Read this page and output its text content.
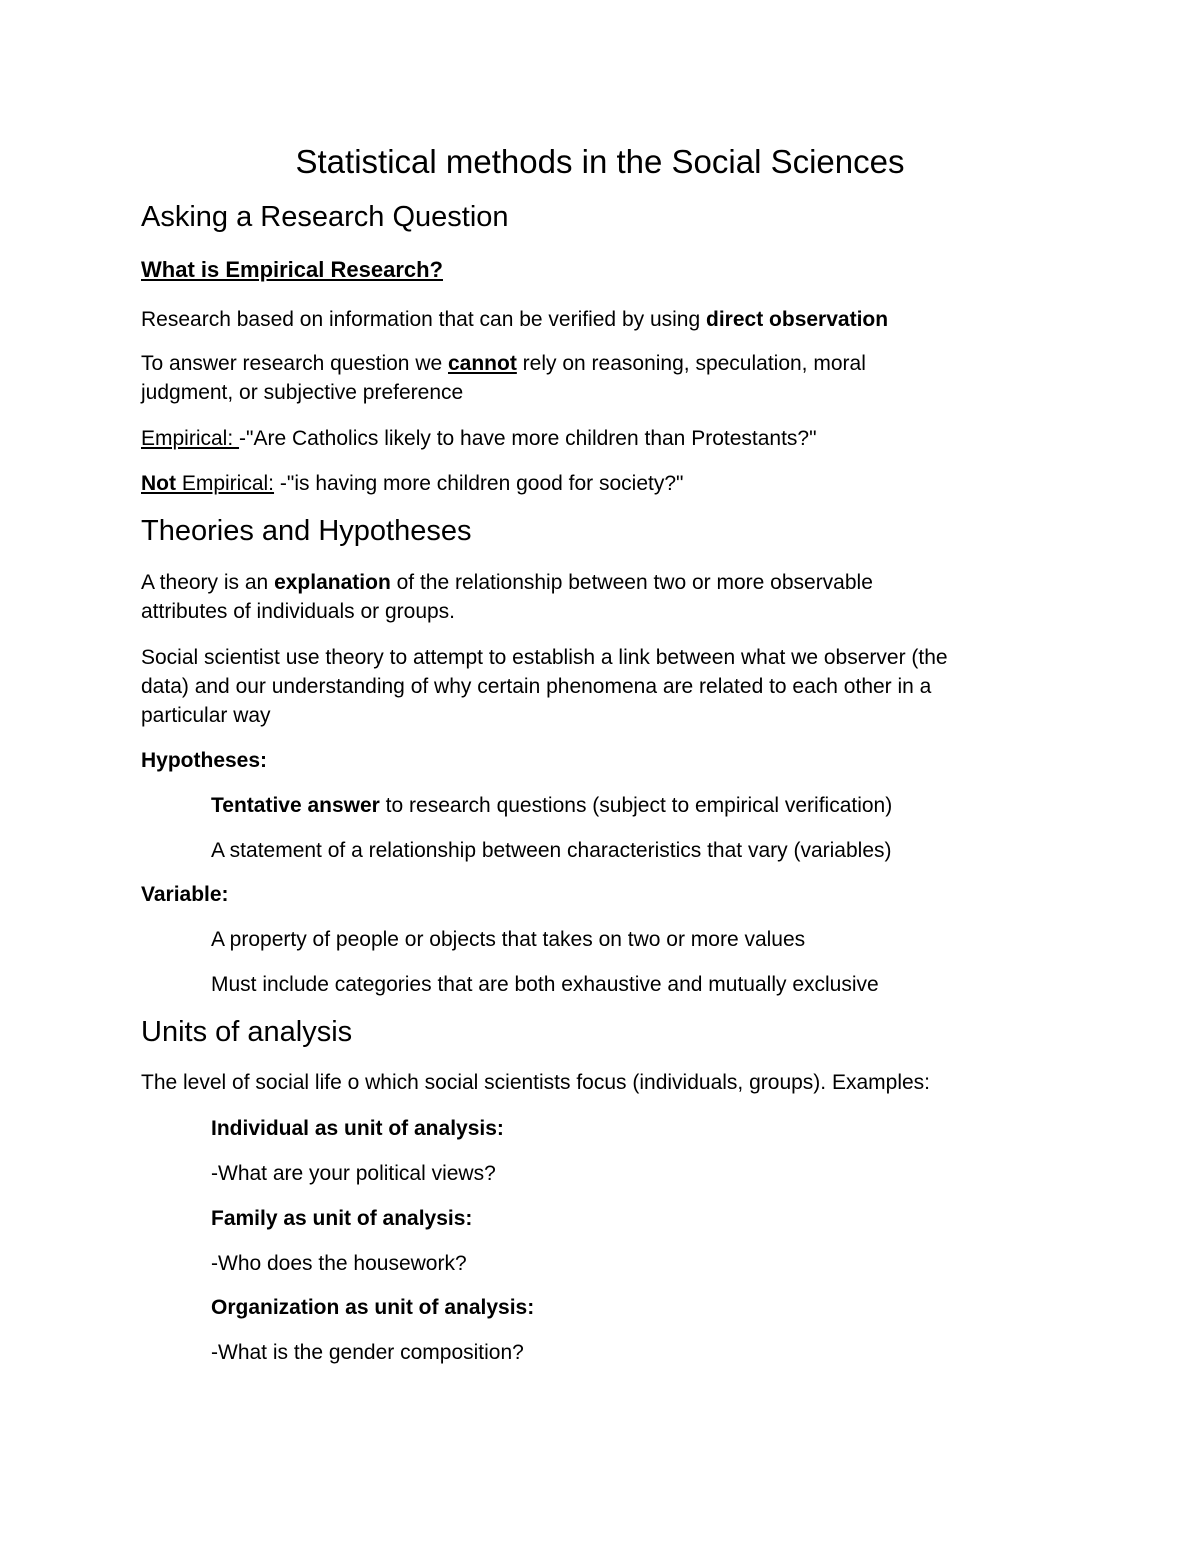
Statistical methods in the Social Sciences
Asking a Research Question
What is Empirical Research?

Research based on information that can be verified by using direct observation

To answer research question we cannot rely on reasoning, speculation, moral

judgment, or subjective preference

Empirical: -"Are Catholics likely to have more children than Protestants?"

Not Empirical: -"is having more children good for society?"

Theories and Hypotheses

A theory is an explanation of the relationship between two or more observable

attributes of individuals or groups.

Social scientist use theory to attempt to establish a link between what we observer (the

data) and our understanding of why certain phenomena are related to each other in a

particular way

Hypotheses:

Tentative answer to research questions (subject to empirical verification)

A statement of a relationship between characteristics that vary (variables)

Variable:

A property of people or objects that takes on two or more values

Must include categories that are both exhaustive and mutually exclusive

Units of analysis

The level of social life o which social scientists focus (individuals, groups). Examples:

Individual as unit of analysis:

-What are your political views?

Family as unit of analysis:

-Who does the housework?

Organization as unit of analysis:

-What is the gender composition?
